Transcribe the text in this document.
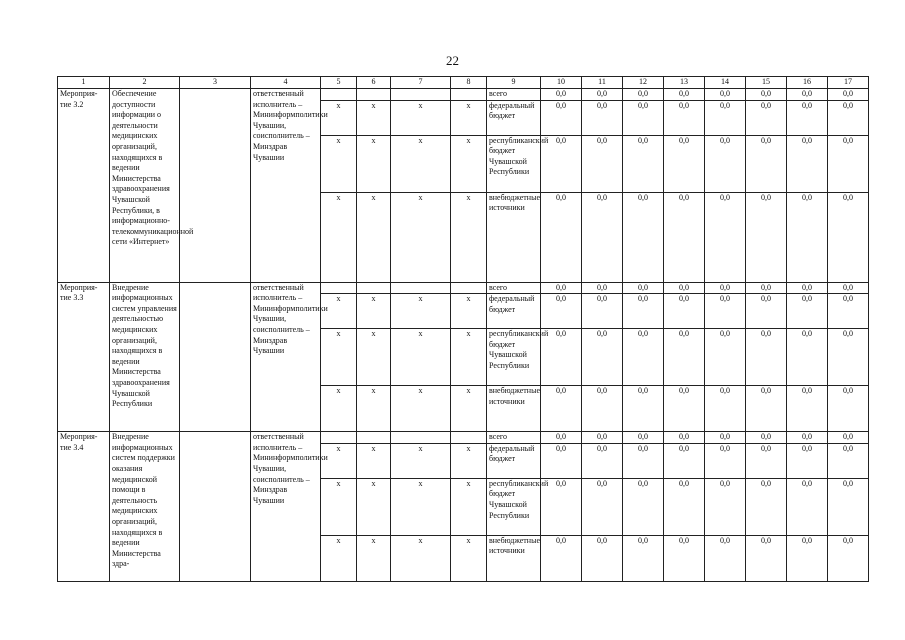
22
1	2	3	4	5	6	7	8	9	10	11	12	13	14	15	16	17
Мероприя-тие 3.2	Обеспечение доступности информации о деятельности медицинских организаций, находящихся в ведении Министерства здравоохранения Чувашской Республики, в информационно-телекоммуникационной сети «Интернет»		ответственный исполнитель – Мининформполитики Чувашии, соисполнитель – Минздрав Чувашии					всего	0,0	0,0	0,0	0,0	0,0	0,0	0,0	0,0
				х	х	х	х	федеральный бюджет	0,0	0,0	0,0	0,0	0,0	0,0	0,0	0,0
				х	х	х	х	республиканский бюджет Чувашской Республики	0,0	0,0	0,0	0,0	0,0	0,0	0,0	0,0
				х	х	х	х	внебюджетные источники	0,0	0,0	0,0	0,0	0,0	0,0	0,0	0,0
Мероприя-тие 3.3	Внедрение информационных систем управления деятельностью медицинских организаций, находящихся в ведении Министерства здравоохранения Чувашской Республики		ответственный исполнитель – Мининформполитики Чувашии, соисполнитель – Минздрав Чувашии					всего	0,0	0,0	0,0	0,0	0,0	0,0	0,0	0,0
				х	х	х	х	федеральный бюджет	0,0	0,0	0,0	0,0	0,0	0,0	0,0	0,0
				х	х	х	х	республиканский бюджет Чувашской Республики	0,0	0,0	0,0	0,0	0,0	0,0	0,0	0,0
				х	х	х	х	внебюджетные источники	0,0	0,0	0,0	0,0	0,0	0,0	0,0	0,0
Мероприя-тие 3.4	Внедрение информационных систем поддержки оказания медицинской помощи в деятельность медицинских организаций, находящихся в ведении Министерства здра-		ответственный исполнитель – Мининформполитики Чувашии, соисполнитель – Минздрав Чувашии					всего	0,0	0,0	0,0	0,0	0,0	0,0	0,0	0,0
				х	х	х	х	федеральный бюджет	0,0	0,0	0,0	0,0	0,0	0,0	0,0	0,0
				х	х	х	х	республиканский бюджет Чувашской Республики	0,0	0,0	0,0	0,0	0,0	0,0	0,0	0,0
				х	х	х	х	внебюджетные источники	0,0	0,0	0,0	0,0	0,0	0,0	0,0	0,0
